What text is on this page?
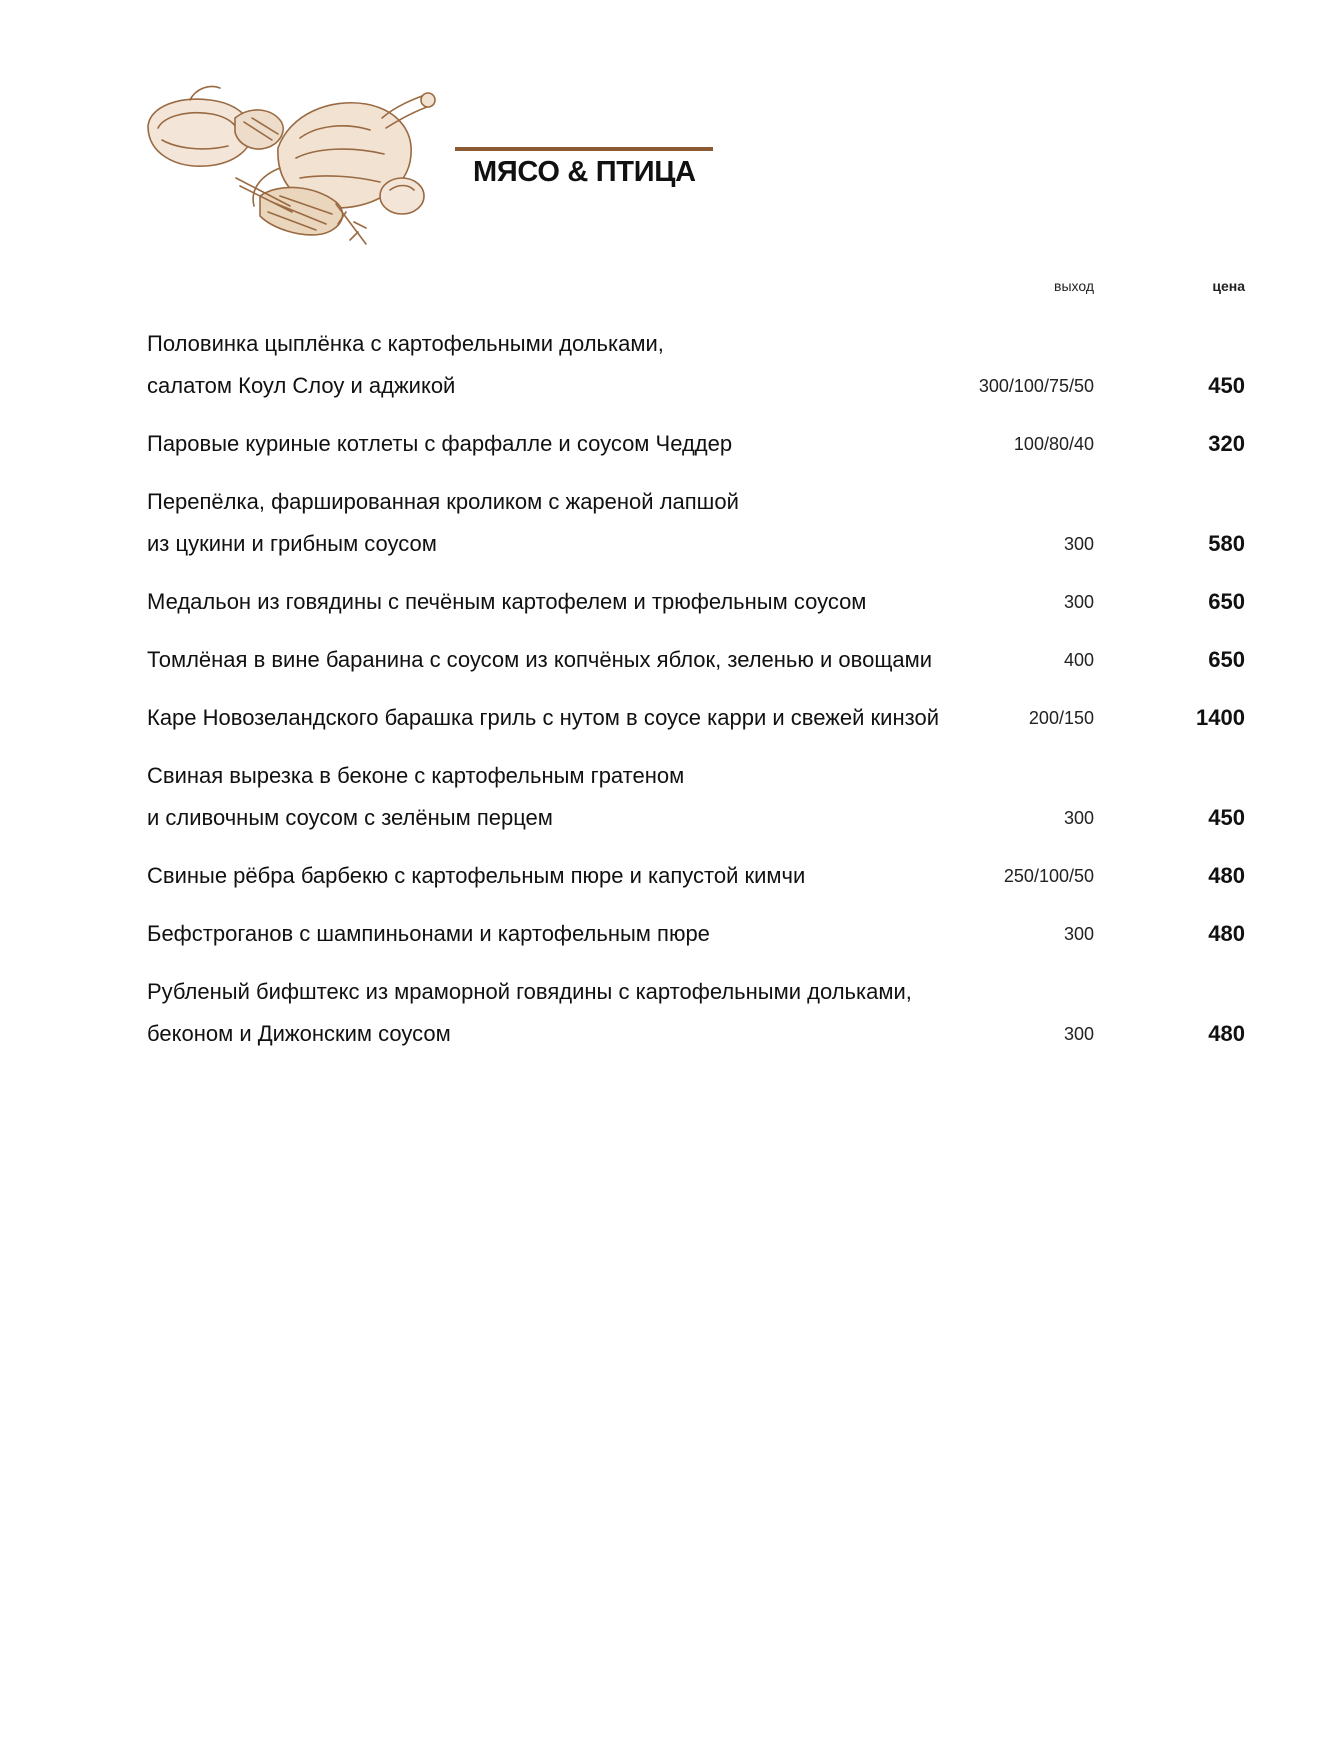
МЯСО & ПТИЦА
выход	цена
Половинка цыплёнка с картофельными дольками,
салатом Коул Слоу и аджикой	300/100/75/50	450
Паровые куриные котлеты с фарфалле и соусом Чеддер	100/80/40	320
Перепёлка, фаршированная кроликом с жареной лапшой
из цукини и грибным соусом	300	580
Медальон из говядины с печёным картофелем и трюфельным соусом	300	650
Томлёная в вине баранина с соусом из копчёных яблок, зеленью и овощами	400	650
Каре Новозеландского барашка гриль с нутом в соусе карри и свежей кинзой	200/150	1400
Свиная вырезка в беконе с картофельным гратеном
и сливочным соусом с зелёным перцем	300	450
Свиные рёбра барбекю с картофельным пюре и капустой кимчи	250/100/50	480
Бефстроганов с шампиньонами и картофельным пюре	300	480
Рубленый бифштекс из мраморной говядины с картофельными дольками,
беконом и Дижонским соусом	300	480
